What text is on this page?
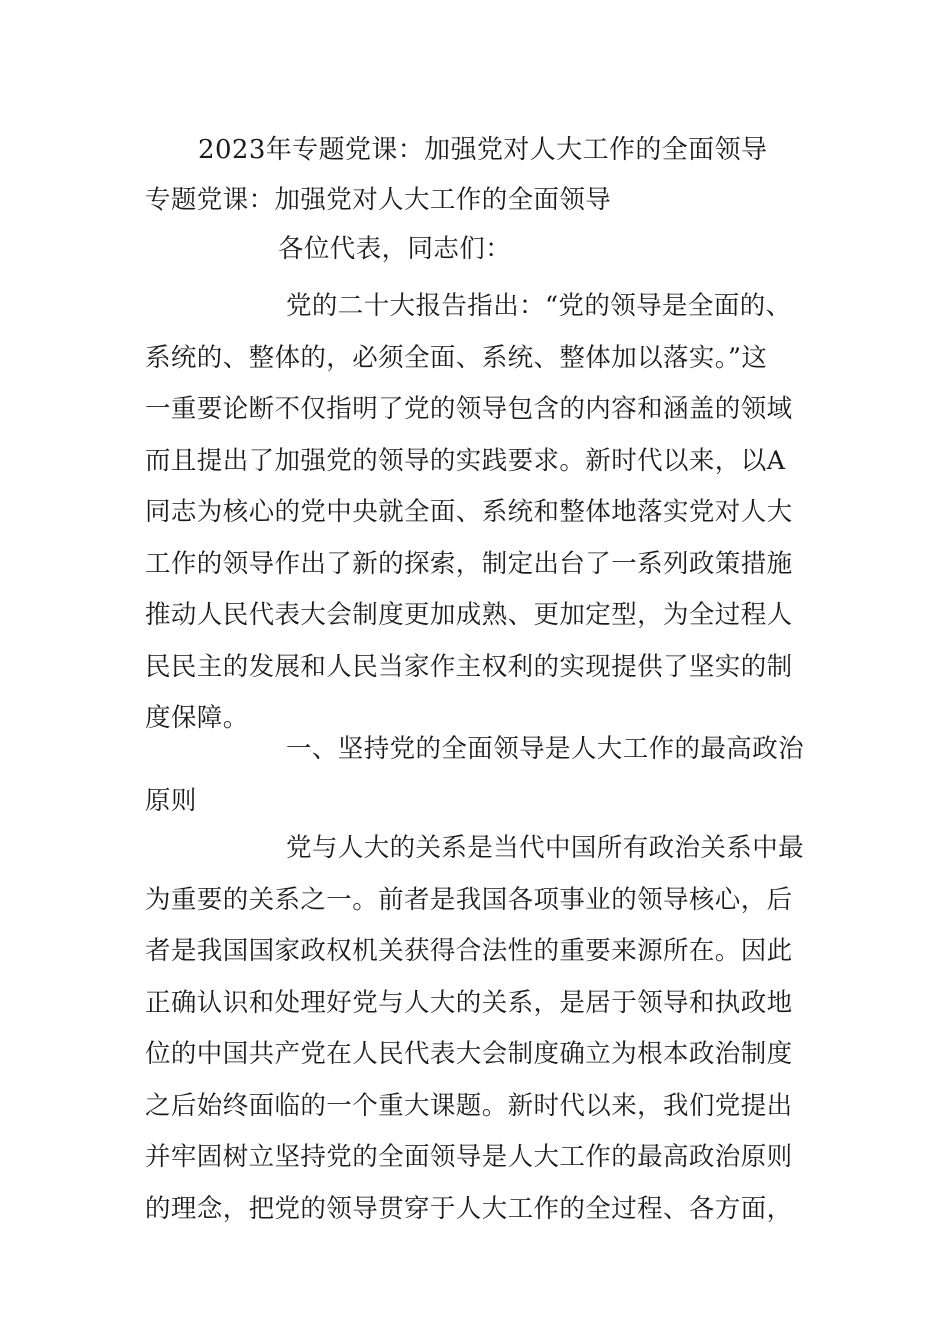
2023年专题党课：加强党对人大工作的全面领导
专题党课：加强党对人大工作的全面领导
各位代表，同志们：
党的二十大报告指出：“党的领导是全面的、
系统的、整体的，必须全面、系统、整体加以落实。”这
一重要论断不仅指明了党的领导包含的内容和涵盖的领域
而且提出了加强党的领导的实践要求。新时代以来，以A
同志为核心的党中央就全面、系统和整体地落实党对人大
工作的领导作出了新的探索，制定出台了一系列政策措施
推动人民代表大会制度更加成熟、更加定型，为全过程人
民民主的发展和人民当家作主权利的实现提供了坚实的制
度保障。
一、坚持党的全面领导是人大工作的最高政治
原则
党与人大的关系是当代中国所有政治关系中最
为重要的关系之一。前者是我国各项事业的领导核心，后
者是我国国家政权机关获得合法性的重要来源所在。因此
正确认识和处理好党与人大的关系，是居于领导和执政地
位的中国共产党在人民代表大会制度确立为根本政治制度
之后始终面临的一个重大课题。新时代以来，我们党提出
并牢固树立坚持党的全面领导是人大工作的最高政治原则
的理念，把党的领导贯穿于人大工作的全过程、各方面，
